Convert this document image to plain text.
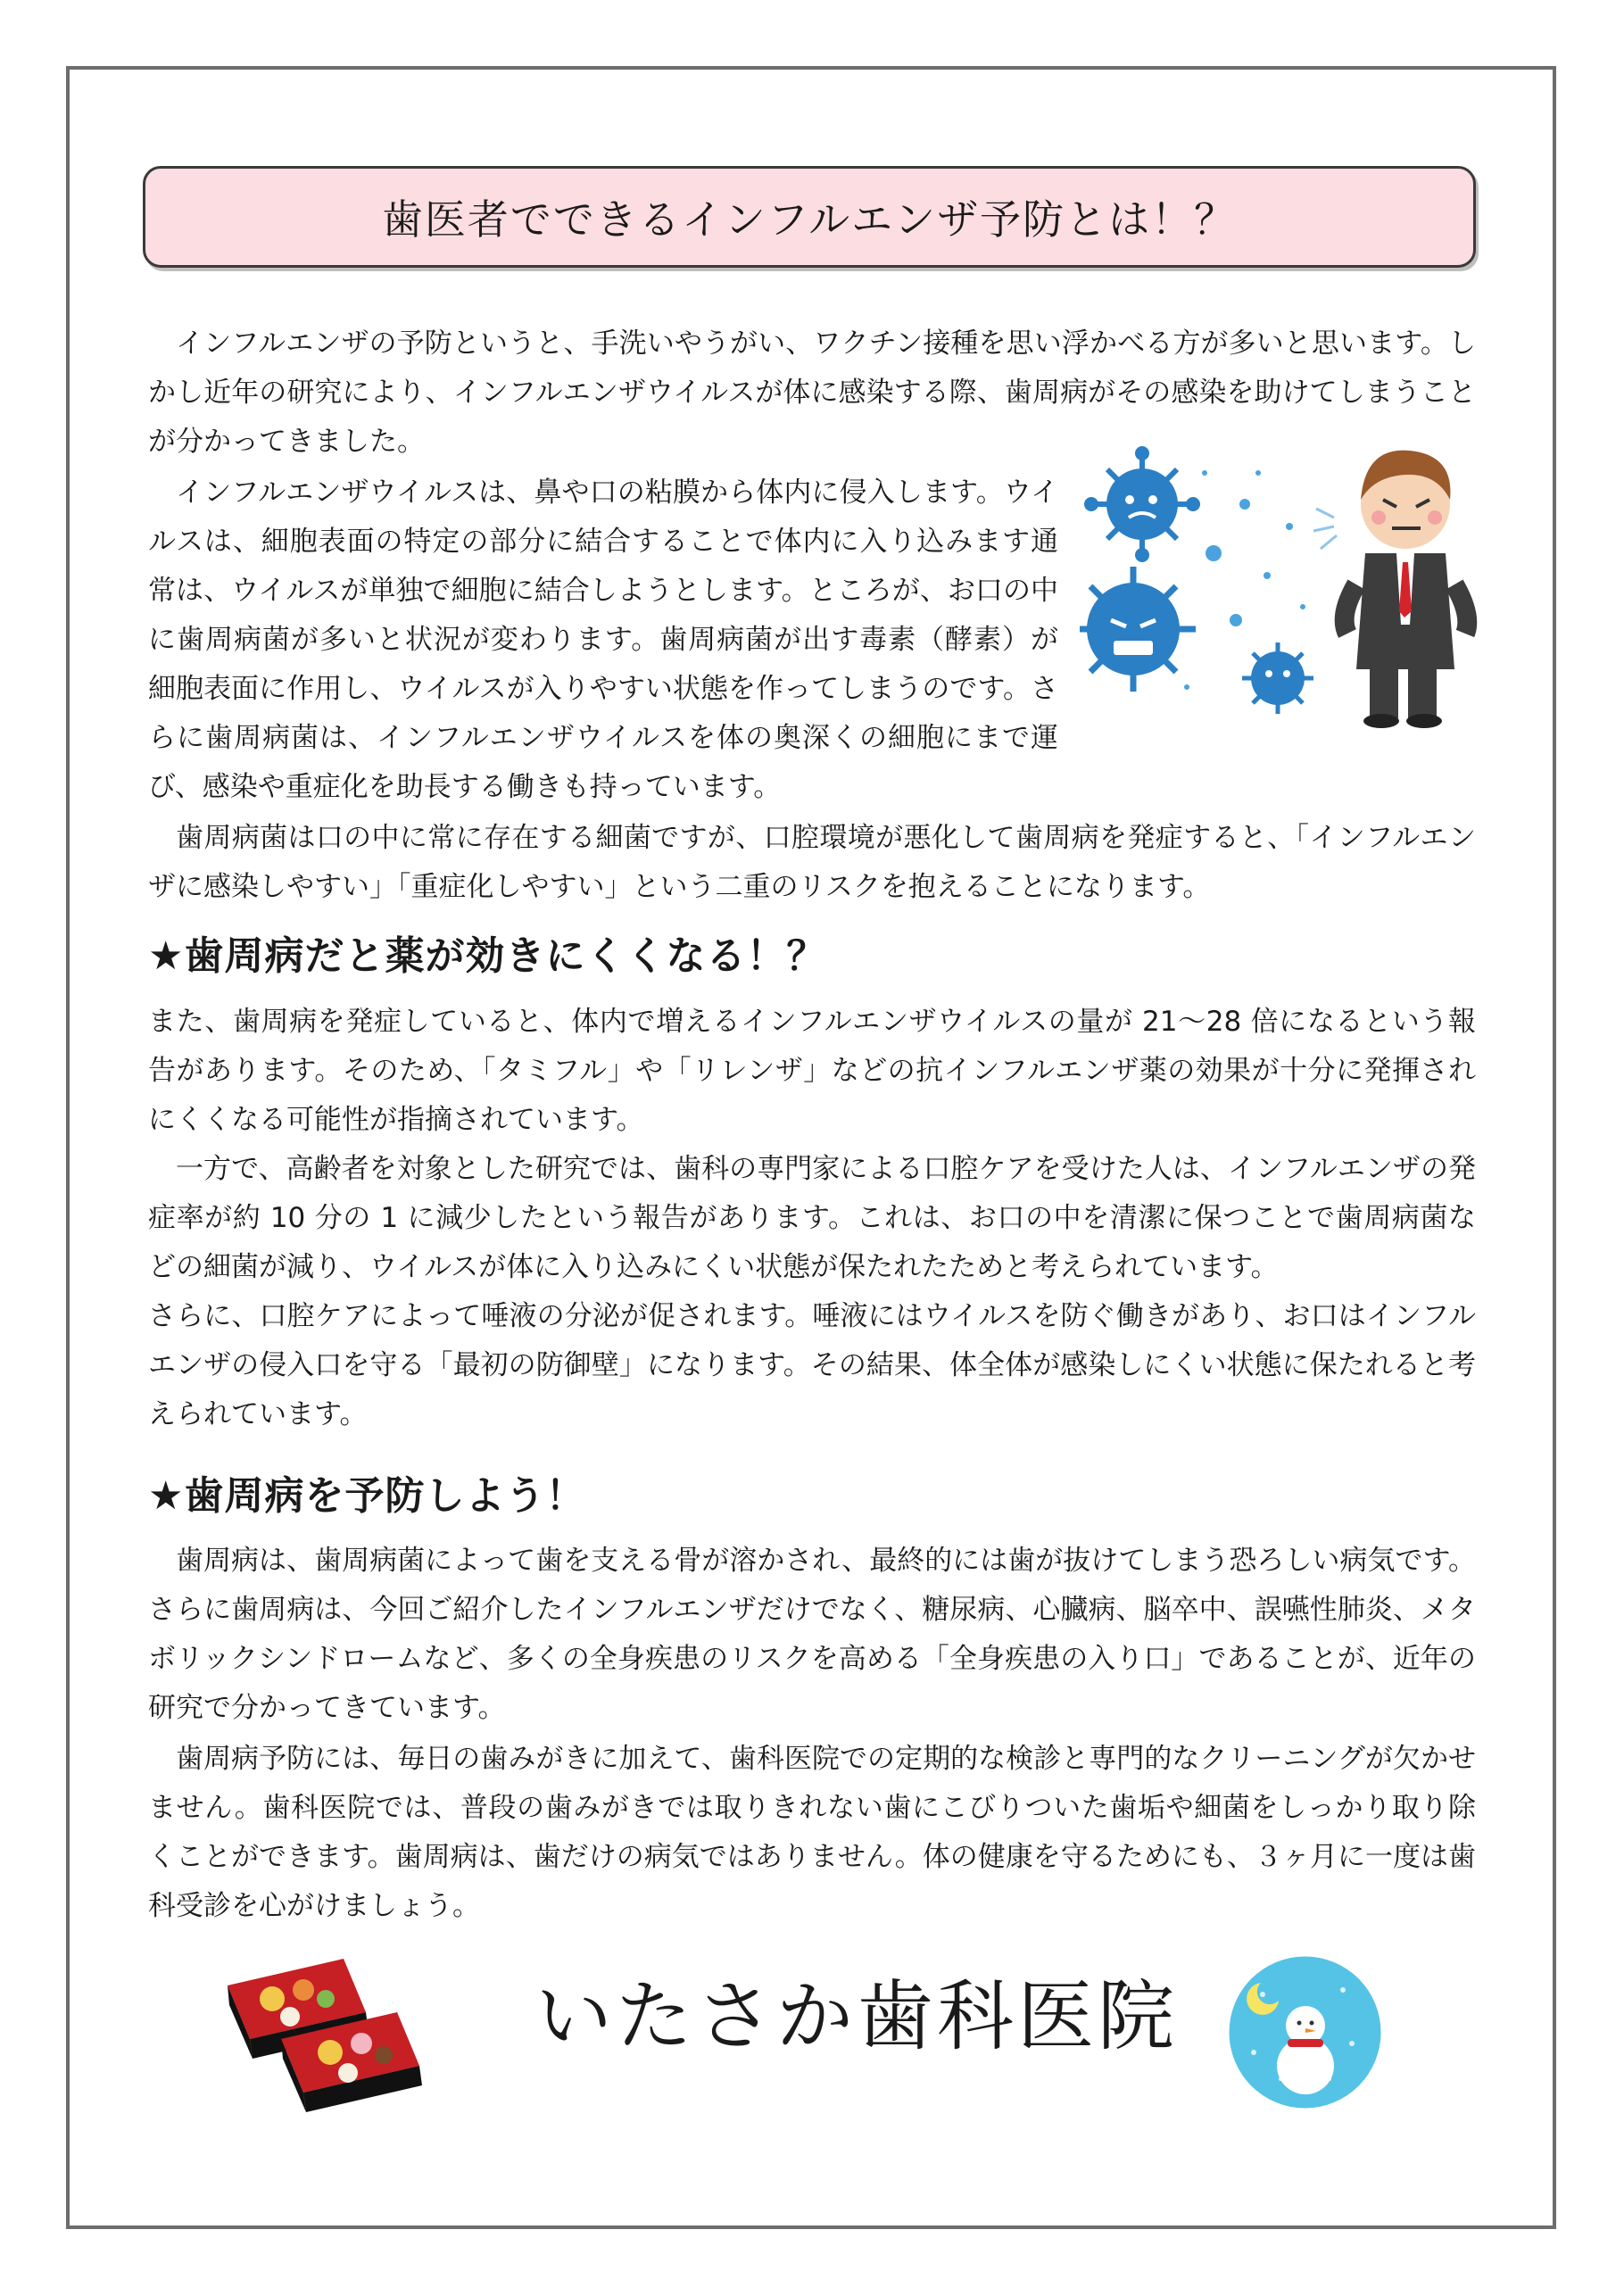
歯医者でできるインフルエンザ予防とは！？

インフルエンザの予防というと、手洗いやうがい、ワクチン接種を思い浮かべる方が多いと思います。しかし近年の研究により、インフルエンザウイルスが体に感染する際、歯周病がその感染を助けてしまうことが分かってきました。

インフルエンザウイルスは、鼻や口の粘膜から体内に侵入します。ウイルスは、細胞表面の特定の部分に結合することで体内に入り込みます通常は、ウイルスが単独で細胞に結合しようとします。ところが、お口の中に歯周病菌が多いと状況が変わります。歯周病菌が出す毒素（酵素）が細胞表面に作用し、ウイルスが入りやすい状態を作ってしまうのです。さらに歯周病菌は、インフルエンザウイルスを体の奥深くの細胞にまで運び、感染や重症化を助長する働きも持っています。

歯周病菌は口の中に常に存在する細菌ですが、口腔環境が悪化して歯周病を発症すると、「インフルエンザに感染しやすい」「重症化しやすい」という二重のリスクを抱えることになります。

★歯周病だと薬が効きにくくなる！？

また、歯周病を発症していると、体内で増えるインフルエンザウイルスの量が 21～28 倍になるという報告があります。そのため、「タミフル」や「リレンザ」などの抗インフルエンザ薬の効果が十分に発揮されにくくなる可能性が指摘されています。

一方で、高齢者を対象とした研究では、歯科の専門家による口腔ケアを受けた人は、インフルエンザの発症率が約 10 分の 1 に減少したという報告があります。これは、お口の中を清潔に保つことで歯周病菌などの細菌が減り、ウイルスが体に入り込みにくい状態が保たれたためと考えられています。

さらに、口腔ケアによって唾液の分泌が促されます。唾液にはウイルスを防ぐ働きがあり、お口はインフルエンザの侵入口を守る「最初の防御壁」になります。その結果、体全体が感染しにくい状態に保たれると考えられています。

★歯周病を予防しよう！

歯周病は、歯周病菌によって歯を支える骨が溶かされ、最終的には歯が抜けてしまう恐ろしい病気です。さらに歯周病は、今回ご紹介したインフルエンザだけでなく、糖尿病、心臓病、脳卒中、誤嚥性肺炎、メタボリックシンドロームなど、多くの全身疾患のリスクを高める「全身疾患の入り口」であることが、近年の研究で分かってきています。

歯周病予防には、毎日の歯みがきに加えて、歯科医院での定期的な検診と専門的なクリーニングが欠かせません。歯科医院では、普段の歯みがきでは取りきれない歯にこびりついた歯垢や細菌をしっかり取り除くことができます。歯周病は、歯だけの病気ではありません。体の健康を守るためにも、３ヶ月に一度は歯科受診を心がけましょう。

いたさか歯科医院
